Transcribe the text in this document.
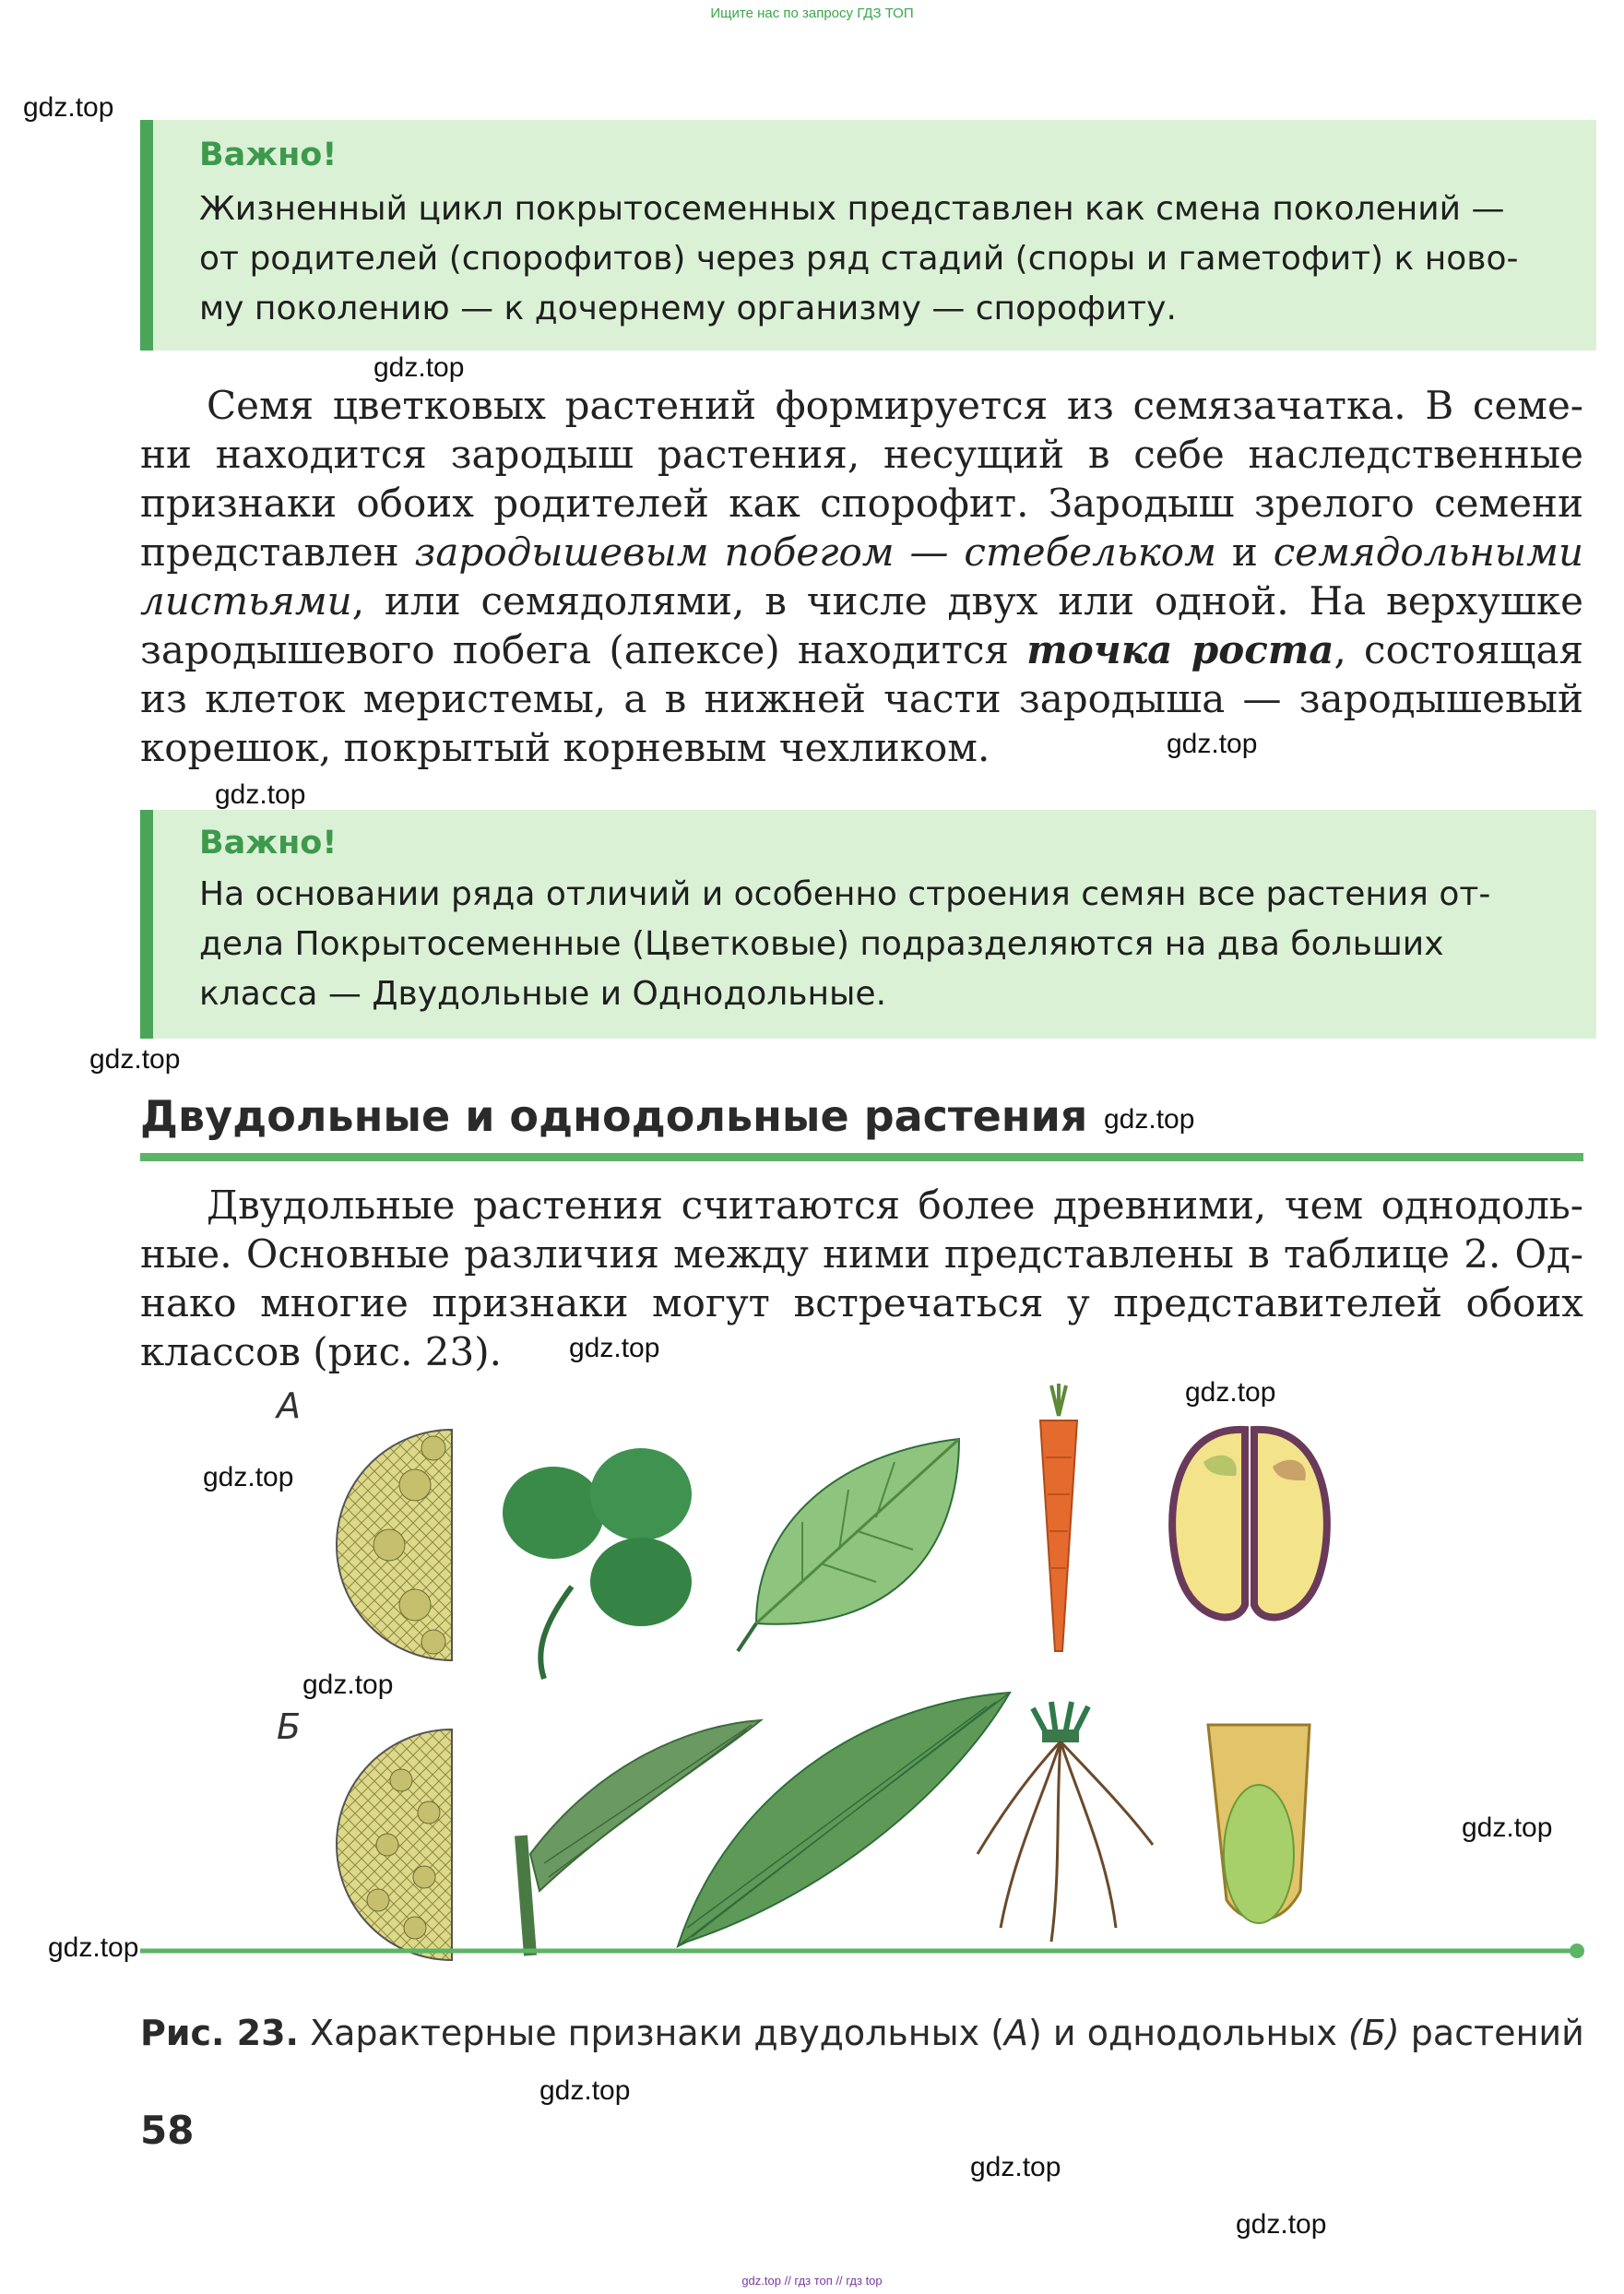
Ищите нас по запросу ГДЗ ТОП
gdz.top
gdz.top
gdz.top
gdz.top
gdz.top
gdz.top
gdz.top
gdz.top
gdz.top
gdz.top
gdz.top
gdz.top
gdz.top
gdz.top
gdz.top
Важно!
Жизненный цикл покрытосеменных представлен как смена поколений —
от родителей (спорофитов) через ряд стадий (споры и гаметофит) к ново-
му поколению — к дочернему организму — спорофиту.
Семя цветковых растений формируется из семязачатка. В семе-
ни находится зародыш растения, несущий в себе наследственные
признаки обоих родителей как спорофит. Зародыш зрелого семени
представлен зародышевым побегом — стебельком и семядольными
листьями, или семядолями, в числе двух или одной. На верхушке
зародышевого побега (апексе) находится точка роста, состоящая
из клеток меристемы, а в нижней части зародыша — зародышевый
корешок, покрытый корневым чехликом.
Важно!
На основании ряда отличий и особенно строения семян все растения от-
дела Покрытосеменные (Цветковые) подразделяются на два больших
класса — Двудольные и Однодольные.
Двудольные и однодольные растения
Двудольные растения считаются более древними, чем однодоль-
ные. Основные различия между ними представлены в таблице 2. Од-
нако многие признаки могут встречаться у представителей обоих
классов (рис. 23).
А
Б
Рис. 23. Характерные признаки двудольных (А) и однодольных (Б) растений
58
gdz.top // гдз топ // гдз top
